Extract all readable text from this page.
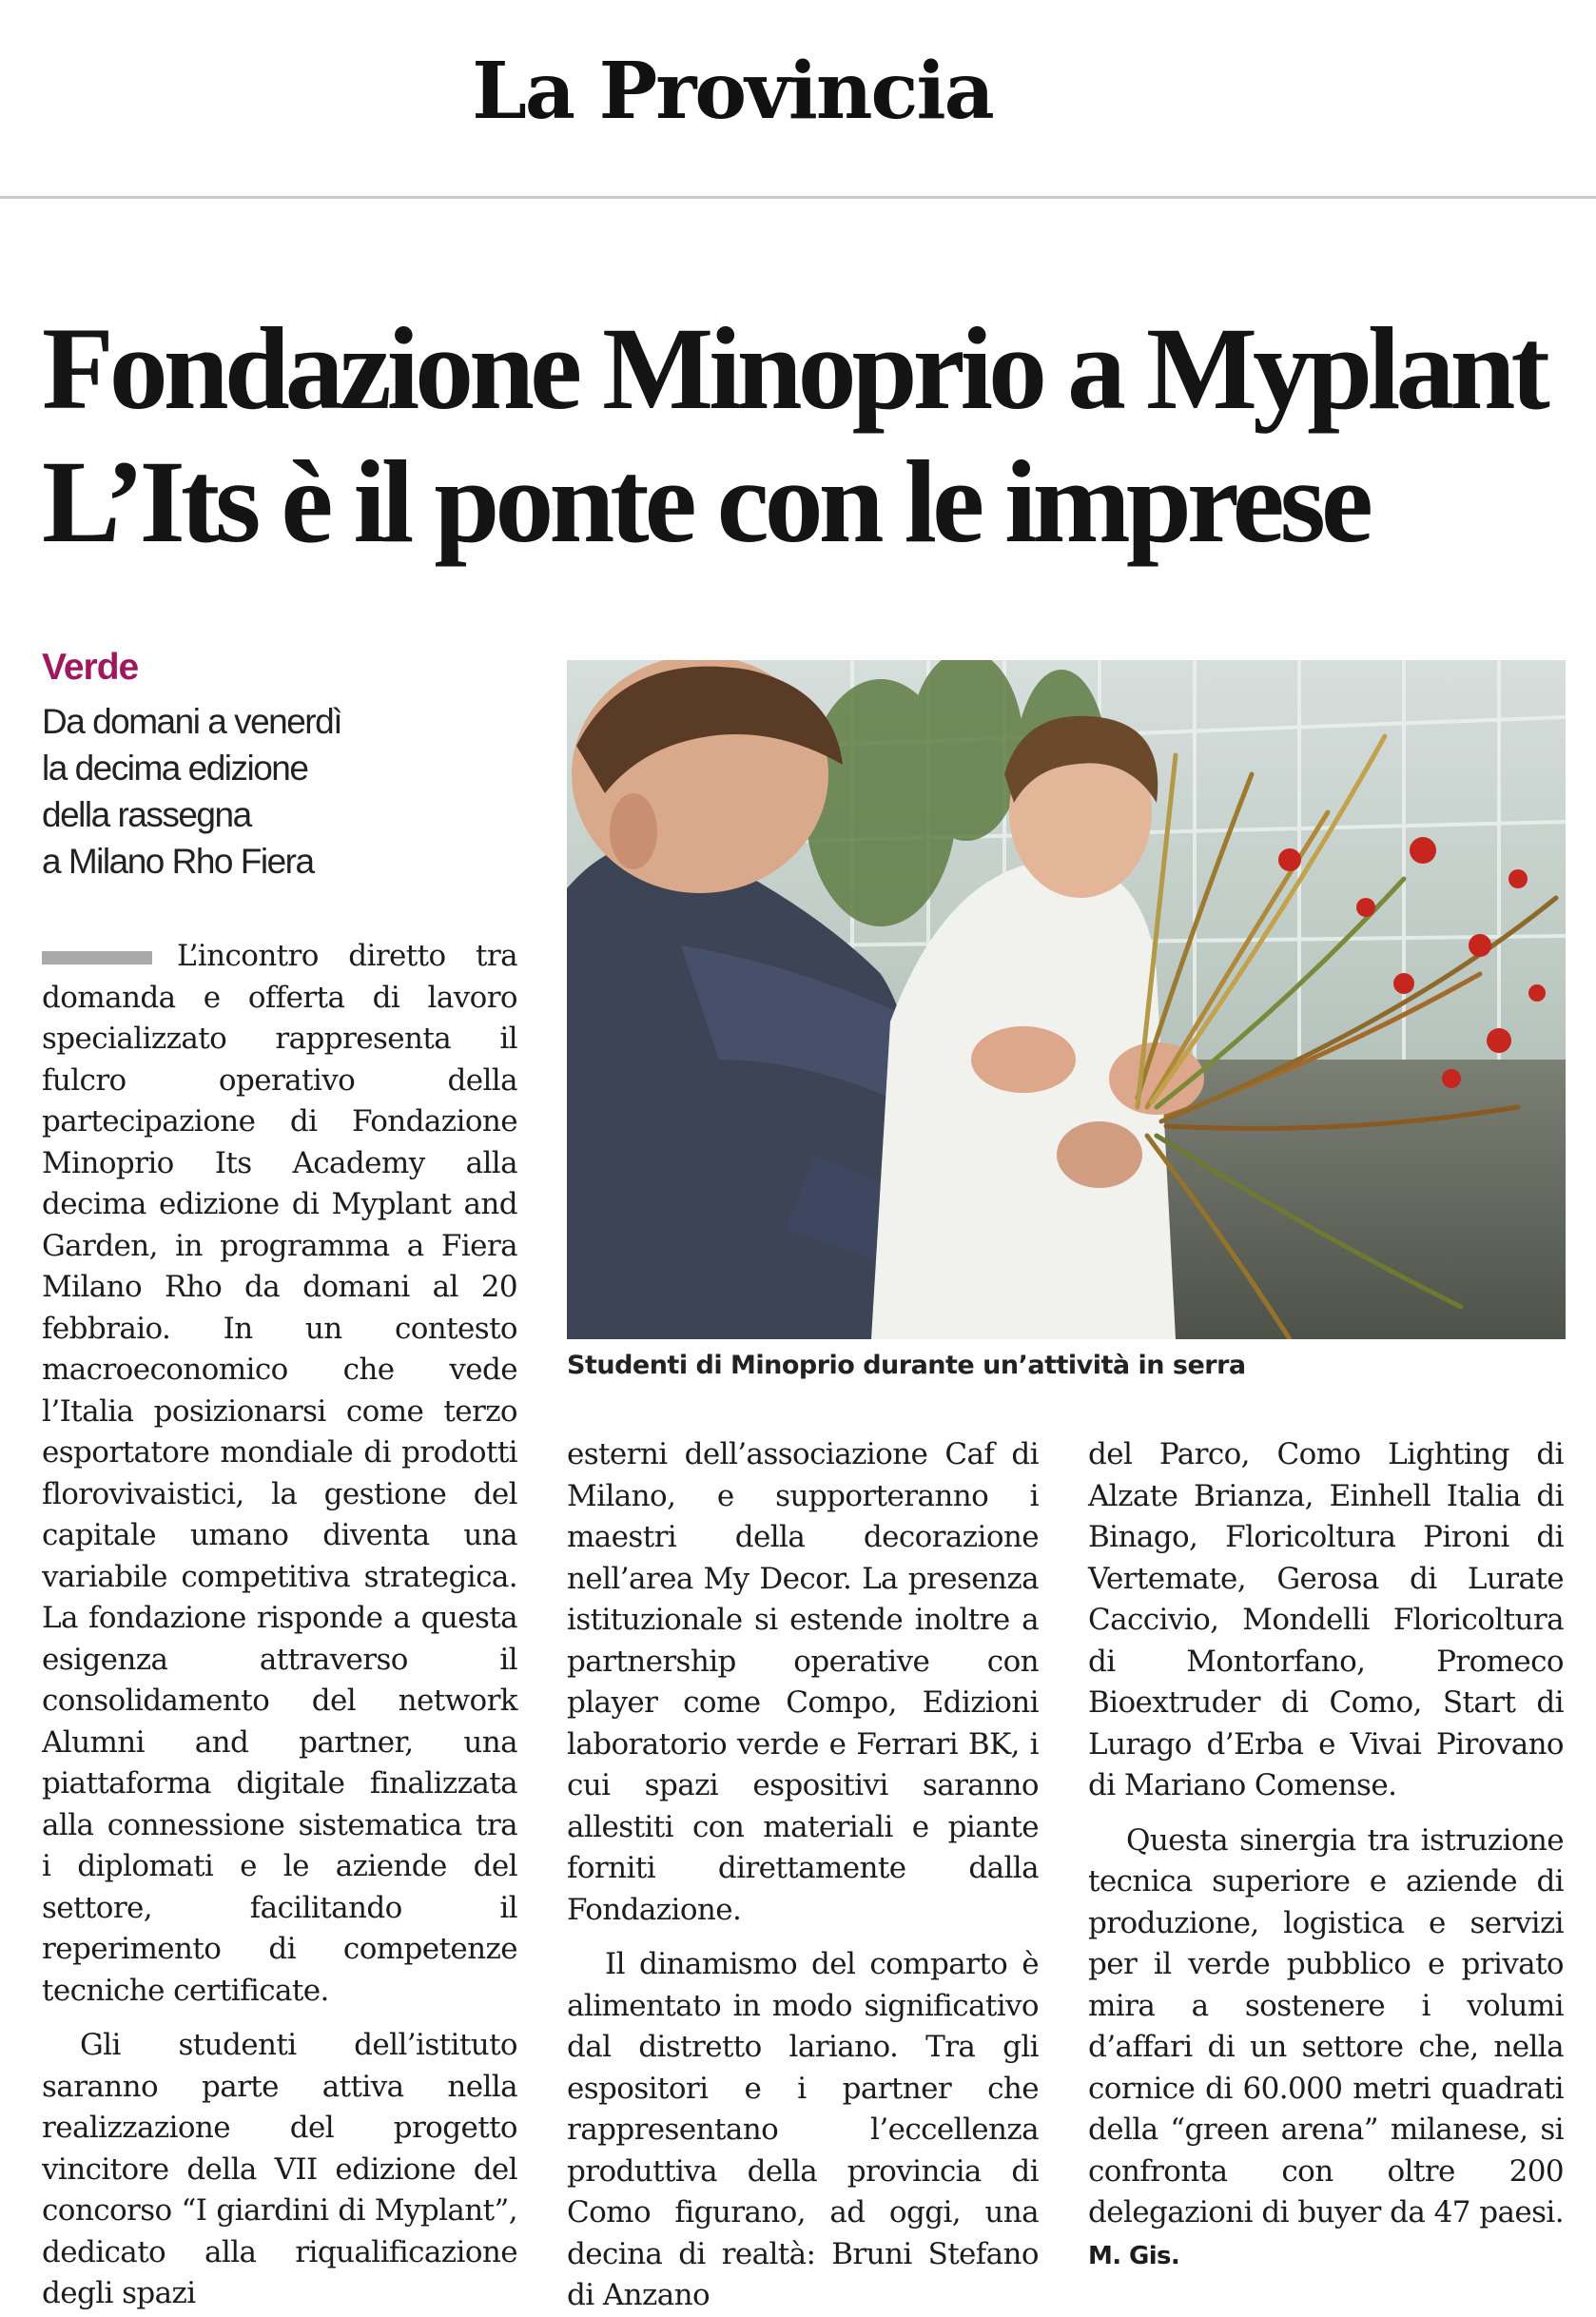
La Provincia
Fondazione Minoprio a Myplant
L’Its è il ponte con le imprese
Verde
Da domani a venerdì
la decima edizione
della rassegna
a Milano Rho Fiera
Studenti di Minoprio durante un’attività in serra

L’incontro diretto tra domanda e offerta di lavoro specializzato rappresenta il fulcro operativo della partecipazione di Fondazione Minoprio Its Academy alla decima edizione di Myplant and Garden, in programma a Fiera Milano Rho da domani al 20 febbraio. In un contesto macroeconomico che vede l’Italia posizionarsi come terzo esportatore mondiale di prodotti florovivaistici, la gestione del capitale umano diventa una variabile competitiva strategica. La fondazione risponde a questa esigenza attraverso il consolidamento del network Alumni and partner, una piattaforma digitale finalizzata alla connessione sistematica tra i diplomati e le aziende del settore, facilitando il reperimento di competenze tecniche certificate.

Gli studenti dell’istituto saranno parte attiva nella realizzazione del progetto vincitore della VII edizione del concorso “I giardini di Myplant”, dedicato alla riqualificazione degli spazi

esterni dell’associazione Caf di Milano, e supporteranno i maestri della decorazione nell’area My Decor. La presenza istituzionale si estende inoltre a partnership operative con player come Compo, Edizioni laboratorio verde e Ferrari BK, i cui spazi espositivi saranno allestiti con materiali e piante forniti direttamente dalla Fondazione.

Il dinamismo del comparto è alimentato in modo significativo dal distretto lariano. Tra gli espositori e i partner che rappresentano l’eccellenza produttiva della provincia di Como figurano, ad oggi, una decina di realtà: Bruni Stefano di Anzano

del Parco, Como Lighting di Alzate Brianza, Einhell Italia di Binago, Floricoltura Pironi di Vertemate, Gerosa di Lurate Caccivio, Mondelli Floricoltura di Montorfano, Promeco Bioextruder di Como, Start di Lurago d’Erba e Vivai Pirovano di Mariano Comense.

Questa sinergia tra istruzione tecnica superiore e aziende di produzione, logistica e servizi per il verde pubblico e privato mira a sostenere i volumi d’affari di un settore che, nella cornice di 60.000 metri quadrati della “green arena” milanese, si confronta con oltre 200 delegazioni di buyer da 47 paesi. M. Gis.
